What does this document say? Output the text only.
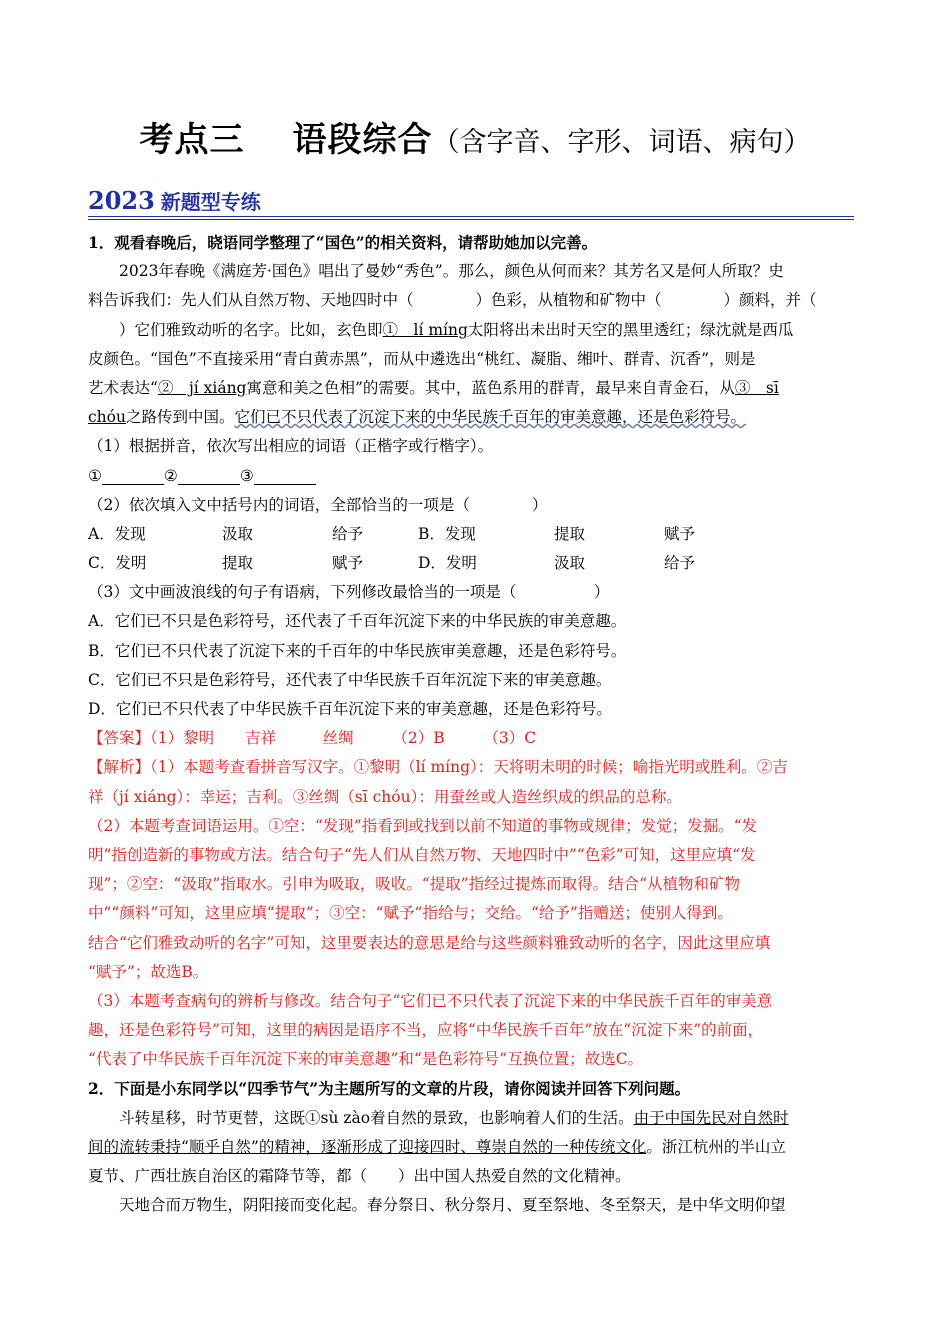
考点三 语段综合（含字音、字形、词语、病句）
2023 新题型专练
1．观看春晚后，晓语同学整理了“国色”的相关资料，请帮助她加以完善。
2023年春晚《满庭芳·国色》唱出了曼妙“秀色”。那么，颜色从何而来？其芳名又是何人所取？史
料告诉我们：先人们从自然万物、天地四时中（　　　　）色彩，从植物和矿物中（　　　　）颜料，并（
　　）它们雅致动听的名字。比如，玄色即①　lí míng太阳将出未出时天空的黑里透红；绿沈就是西瓜
皮颜色。“国色”不直接采用“青白黄赤黑”，而从中遴选出“桃红、凝脂、缃叶、群青、沉香”，则是
艺术表达“②　jí xiáng寓意和美之色相”的需要。其中，蓝色系用的群青，最早来自青金石，从③　sī
chóu之路传到中国。它们已不只代表了沉淀下来的中华民族千百年的审美意趣，还是色彩符号。
（1）根据拼音，依次写出相应的词语（正楷字或行楷字）。
①	②	③
（2）依次填入文中括号内的词语，全部恰当的一项是（　　　　）
A．发现	汲取	给予	B．发现	提取	赋予
C．发明	提取	赋予	D．发明	汲取	给予
（3）文中画波浪线的句子有语病，下列修改最恰当的一项是（　　　　　）
A．它们已不只是色彩符号，还代表了千百年沉淀下来的中华民族的审美意趣。
B．它们已不只代表了沉淀下来的千百年的中华民族审美意趣，还是色彩符号。
C．它们已不只是色彩符号，还代表了中华民族千百年沉淀下来的审美意趣。
D．它们已不只代表了中华民族千百年沉淀下来的审美意趣，还是色彩符号。
【答案】（1）黎明　　吉祥　　　丝绸　　　（2）B　　　（3）C
【解析】（1）本题考查看拼音写汉字。①黎明（lí míng）：天将明未明的时候；喻指光明或胜利。②吉
祥（jí xiáng）：幸运；吉利。③丝绸（sī chóu）：用蚕丝或人造丝织成的织品的总称。
（2）本题考查词语运用。①空：“发现”指看到或找到以前不知道的事物或规律；发觉；发掘。“发
明”指创造新的事物或方法。结合句子“先人们从自然万物、天地四时中”“色彩”可知，这里应填“发
现”；②空：“汲取”指取水。引申为吸取，吸收。“提取”指经过提炼而取得。结合“从植物和矿物
中”“颜料”可知，这里应填“提取”；③空：“赋予”指给与；交给。“给予”指赠送；使别人得到。
结合“它们雅致动听的名字”可知，这里要表达的意思是给与这些颜料雅致动听的名字，因此这里应填
“赋予”；故选B。
（3）本题考查病句的辨析与修改。结合句子“它们已不只代表了沉淀下来的中华民族千百年的审美意
趣，还是色彩符号”可知，这里的病因是语序不当，应将“中华民族千百年”放在“沉淀下来”的前面，
“代表了中华民族千百年沉淀下来的审美意趣”和“是色彩符号”互换位置；故选C。
2．下面是小东同学以“四季节气”为主题所写的文章的片段，请你阅读并回答下列问题。
斗转星移，时节更替，这既①sù zào着自然的景致，也影响着人们的生活。由于中国先民对自然时
间的流转秉持“顺乎自然”的精神，逐渐形成了迎接四时、尊崇自然的一种传统文化。浙江杭州的半山立
夏节、广西壮族自治区的霜降节等，都（　　）出中国人热爱自然的文化精神。
天地合而万物生，阴阳接而变化起。春分祭日、秋分祭月、夏至祭地、冬至祭天，是中华文明仰望
